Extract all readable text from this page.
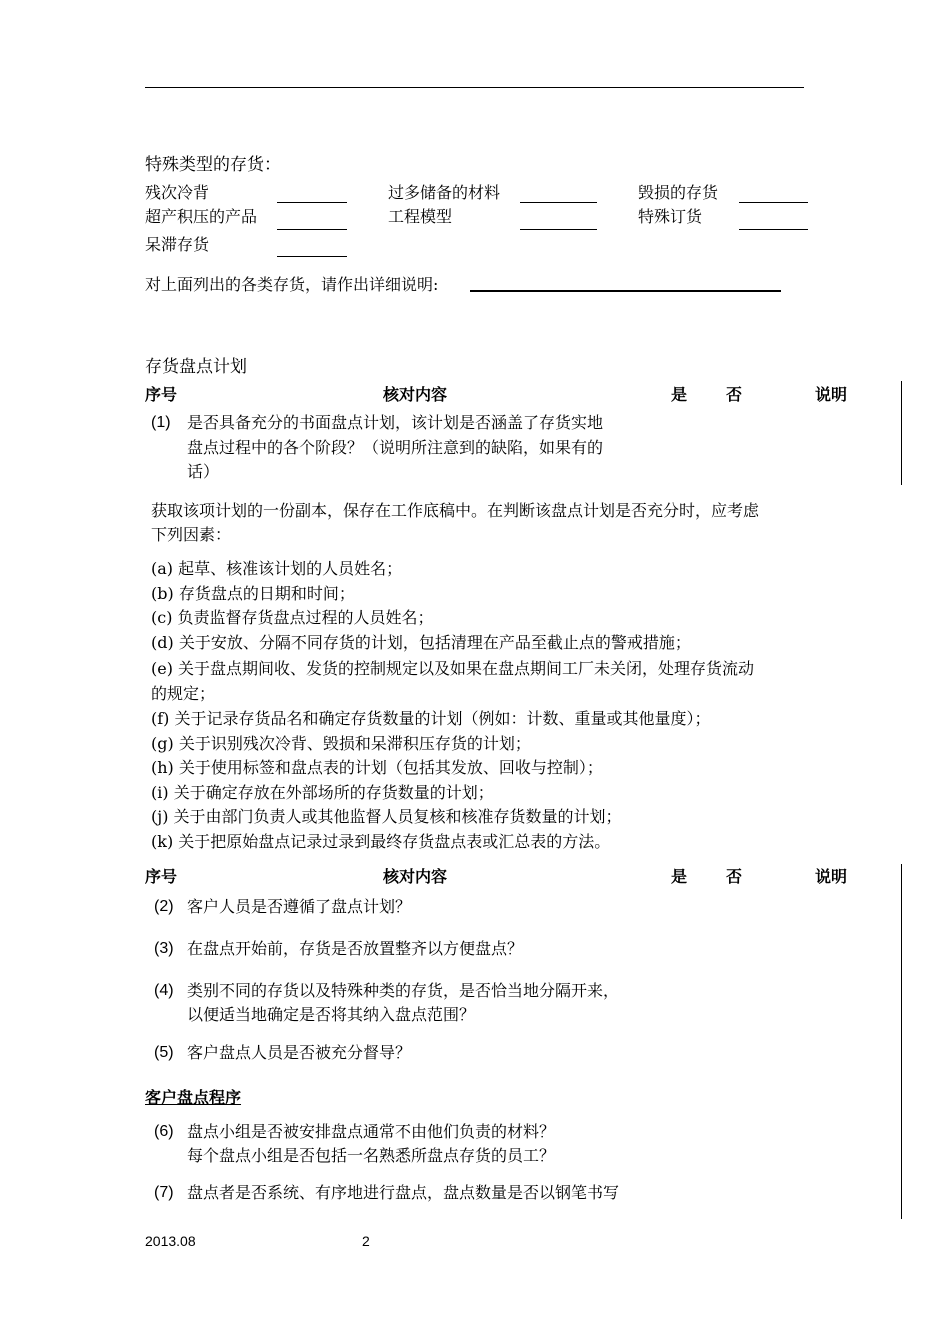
特殊类型的存货：
残次冷背	过多储备的材料	毁损的存货
超产积压的产品	工程模型	特殊订货
呆滞存货
对上面列出的各类存货，请作出详细说明:
存货盘点计划
序号	核对内容	是 否	说明
(1) 是否具备充分的书面盘点计划，该计划是否涵盖了存货实地
盘点过程中的各个阶段？（说明所注意到的缺陷，如果有的
话）
获取该项计划的一份副本，保存在工作底稿中。在判断该盘点计划是否充分时，应考虑
下列因素：
(a) 起草、核准该计划的人员姓名；
(b) 存货盘点的日期和时间；
(c) 负责监督存货盘点过程的人员姓名；
(d) 关于安放、分隔不同存货的计划，包括清理在产品至截止点的警戒措施；
(e) 关于盘点期间收、发货的控制规定以及如果在盘点期间工厂未关闭，处理存货流动
的规定；
(f) 关于记录存货品名和确定存货数量的计划（例如：计数、重量或其他量度）；
(g) 关于识别残次冷背、毁损和呆滞积压存货的计划；
(h) 关于使用标签和盘点表的计划（包括其发放、回收与控制）；
(i) 关于确定存放在外部场所的存货数量的计划；
(j) 关于由部门负责人或其他监督人员复核和核准存货数量的计划；
(k) 关于把原始盘点记录过录到最终存货盘点表或汇总表的方法。
序号	核对内容	是 否	说明
(2) 客户人员是否遵循了盘点计划？
(3) 在盘点开始前，存货是否放置整齐以方便盘点？
(4) 类别不同的存货以及特殊种类的存货，是否恰当地分隔开来，
以便适当地确定是否将其纳入盘点范围？
(5) 客户盘点人员是否被充分督导？
客户盘点程序
(6) 盘点小组是否被安排盘点通常不由他们负责的材料？
每个盘点小组是否包括一名熟悉所盘点存货的员工？
(7) 盘点者是否系统、有序地进行盘点，盘点数量是否以钢笔书写
2013.08	2
